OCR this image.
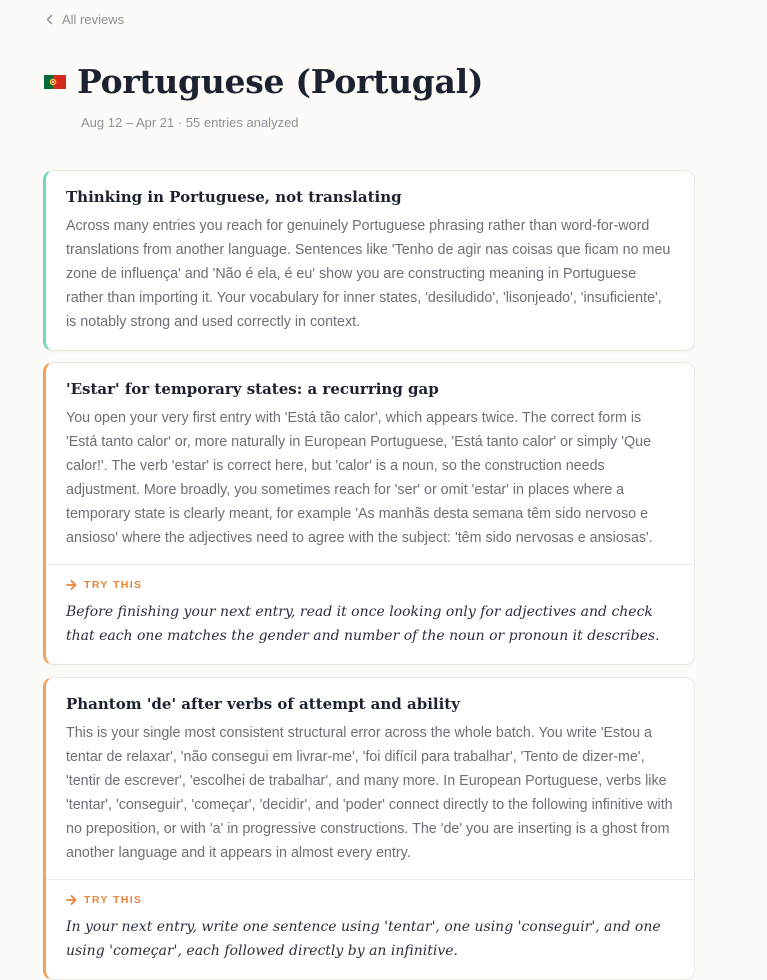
All reviews
Portuguese (Portugal)
Aug 12 – Apr 21 · 55 entries analyzed
Thinking in Portuguese, not translating
Across many entries you reach for genuinely Portuguese phrasing rather than word-for-word translations from another language. Sentences like 'Tenho de agir nas coisas que ficam no meu zone de influença' and 'Não é ela, é eu' show you are constructing meaning in Portuguese rather than importing it. Your vocabulary for inner states, 'desiludido', 'lisonjeado', 'insuficiente', is notably strong and used correctly in context.
'Estar' for temporary states: a recurring gap
You open your very first entry with 'Está tão calor', which appears twice. The correct form is 'Está tanto calor' or, more naturally in European Portuguese, 'Está tanto calor' or simply 'Que calor!'. The verb 'estar' is correct here, but 'calor' is a noun, so the construction needs adjustment. More broadly, you sometimes reach for 'ser' or omit 'estar' in places where a temporary state is clearly meant, for example 'As manhãs desta semana têm sido nervoso e ansioso' where the adjectives need to agree with the subject: 'têm sido nervosas e ansiosas'.
TRY THIS
Before finishing your next entry, read it once looking only for adjectives and check that each one matches the gender and number of the noun or pronoun it describes.
Phantom 'de' after verbs of attempt and ability
This is your single most consistent structural error across the whole batch. You write 'Estou a tentar de relaxar', 'não consegui em livrar-me', 'foi difícil para trabalhar', 'Tento de dizer-me', 'tentir de escrever', 'escolhei de trabalhar', and many more. In European Portuguese, verbs like 'tentar', 'conseguir', 'começar', 'decidir', and 'poder' connect directly to the following infinitive with no preposition, or with 'a' in progressive constructions. The 'de' you are inserting is a ghost from another language and it appears in almost every entry.
TRY THIS
In your next entry, write one sentence using 'tentar', one using 'conseguir', and one using 'começar', each followed directly by an infinitive.
